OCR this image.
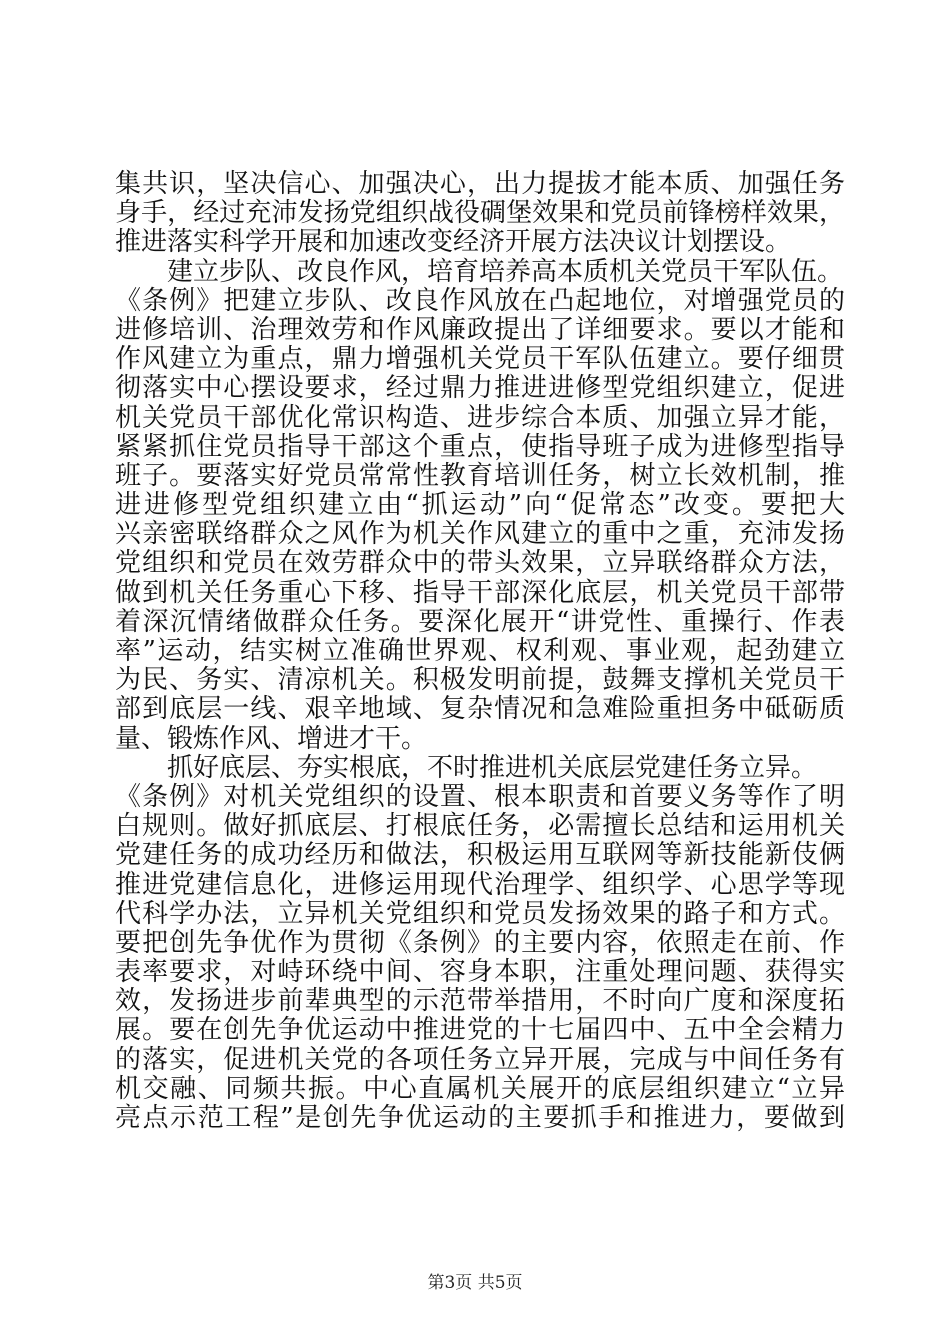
集共识，坚决信心、加强决心，出力提拔才能本质、加强任务
身手，经过充沛发扬党组织战役碉堡效果和党员前锋榜样效果，
推进落实科学开展和加速改变经济开展方法决议计划摆设。
建立步队、改良作风，培育培养高本质机关党员干军队伍。
《条例》把建立步队、改良作风放在凸起地位，对增强党员的
进修培训、治理效劳和作风廉政提出了详细要求。要以才能和
作风建立为重点，鼎力增强机关党员干军队伍建立。要仔细贯
彻落实中心摆设要求，经过鼎力推进进修型党组织建立，促进
机关党员干部优化常识构造、进步综合本质、加强立异才能，
紧紧抓住党员指导干部这个重点，使指导班子成为进修型指导
班子。要落实好党员常常性教育培训任务，树立长效机制，推
进进修型党组织建立由“抓运动”向“促常态”改变。要把大
兴亲密联络群众之风作为机关作风建立的重中之重，充沛发扬
党组织和党员在效劳群众中的带头效果，立异联络群众方法，
做到机关任务重心下移、指导干部深化底层，机关党员干部带
着深沉情绪做群众任务。要深化展开“讲党性、重操行、作表
率”运动，结实树立准确世界观、权利观、事业观，起劲建立
为民、务实、清凉机关。积极发明前提，鼓舞支撑机关党员干
部到底层一线、艰辛地域、复杂情况和急难险重担务中砥砺质
量、锻炼作风、增进才干。
抓好底层、夯实根底，不时推进机关底层党建任务立异。
《条例》对机关党组织的设置、根本职责和首要义务等作了明
白规则。做好抓底层、打根底任务，必需擅长总结和运用机关
党建任务的成功经历和做法，积极运用互联网等新技能新伎俩
推进党建信息化，进修运用现代治理学、组织学、心思学等现
代科学办法，立异机关党组织和党员发扬效果的路子和方式。
要把创先争优作为贯彻《条例》的主要内容，依照走在前、作
表率要求，对峙环绕中间、容身本职，注重处理问题、获得实
效，发扬进步前辈典型的示范带举措用，不时向广度和深度拓
展。要在创先争优运动中推进党的十七届四中、五中全会精力
的落实，促进机关党的各项任务立异开展，完成与中间任务有
机交融、同频共振。中心直属机关展开的底层组织建立“立异
亮点示范工程”是创先争优运动的主要抓手和推进力，要做到
第3页 共5页
